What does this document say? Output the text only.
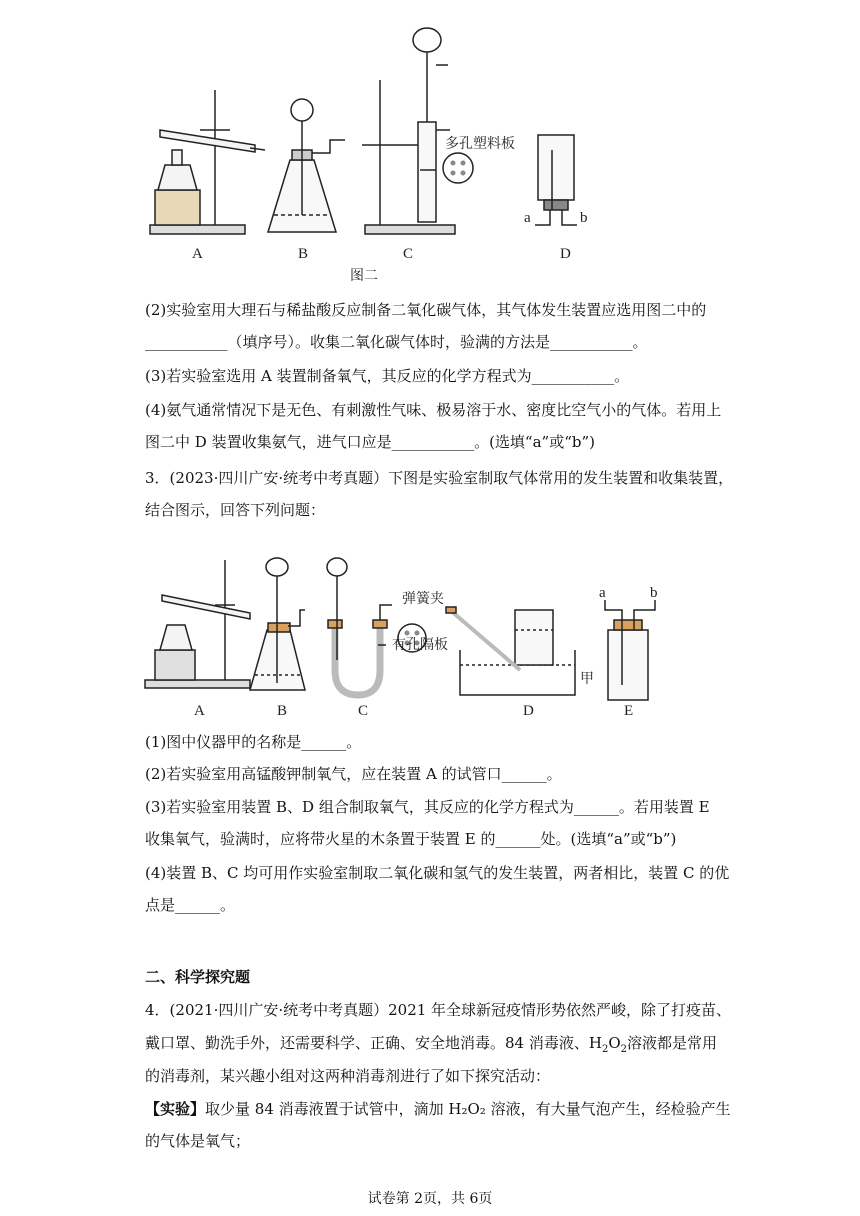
A	B	C	D
多孔塑料板
a	b
图二
(2)实验室用大理石与稀盐酸反应制备二氧化碳气体，其气体发生装置应选用图二中的
___________（填序号）。收集二氧化碳气体时，验满的方法是___________。
(3)若实验室选用 A 装置制备氧气，其反应的化学方程式为___________。
(4)氨气通常情况下是无色、有刺激性气味、极易溶于水、密度比空气小的气体。若用上
图二中 D 装置收集氨气，进气口应是___________。(选填“a”或“b”)
3．(2023·四川广安·统考中考真题）下图是实验室制取气体常用的发生装置和收集装置，
结合图示，回答下列问题：
A	B	C	D	E
弹簧夹
有孔隔板
甲
a	b
(1)图中仪器甲的名称是______。
(2)若实验室用高锰酸钾制氧气，应在装置 A 的试管口______。
(3)若实验室用装置 B、D 组合制取氧气，其反应的化学方程式为______。若用装置 E
收集氧气，验满时，应将带火星的木条置于装置 E 的______处。(选填“a”或“b”)
(4)装置 B、C 均可用作实验室制取二氧化碳和氢气的发生装置，两者相比，装置 C 的优
点是______。
二、科学探究题
4．(2021·四川广安·统考中考真题）2021 年全球新冠疫情形势依然严峻，除了打疫苗、
戴口罩、勤洗手外，还需要科学、正确、安全地消毒。84 消毒液、$H_2O_2$溶液都是常用
的消毒剂，某兴趣小组对这两种消毒剂进行了如下探究活动：
【实验】取少量 84 消毒液置于试管中，滴加 H₂O₂ 溶液，有大量气泡产生，经检验产生
的气体是氧气；
试卷第 2页，共 6页
